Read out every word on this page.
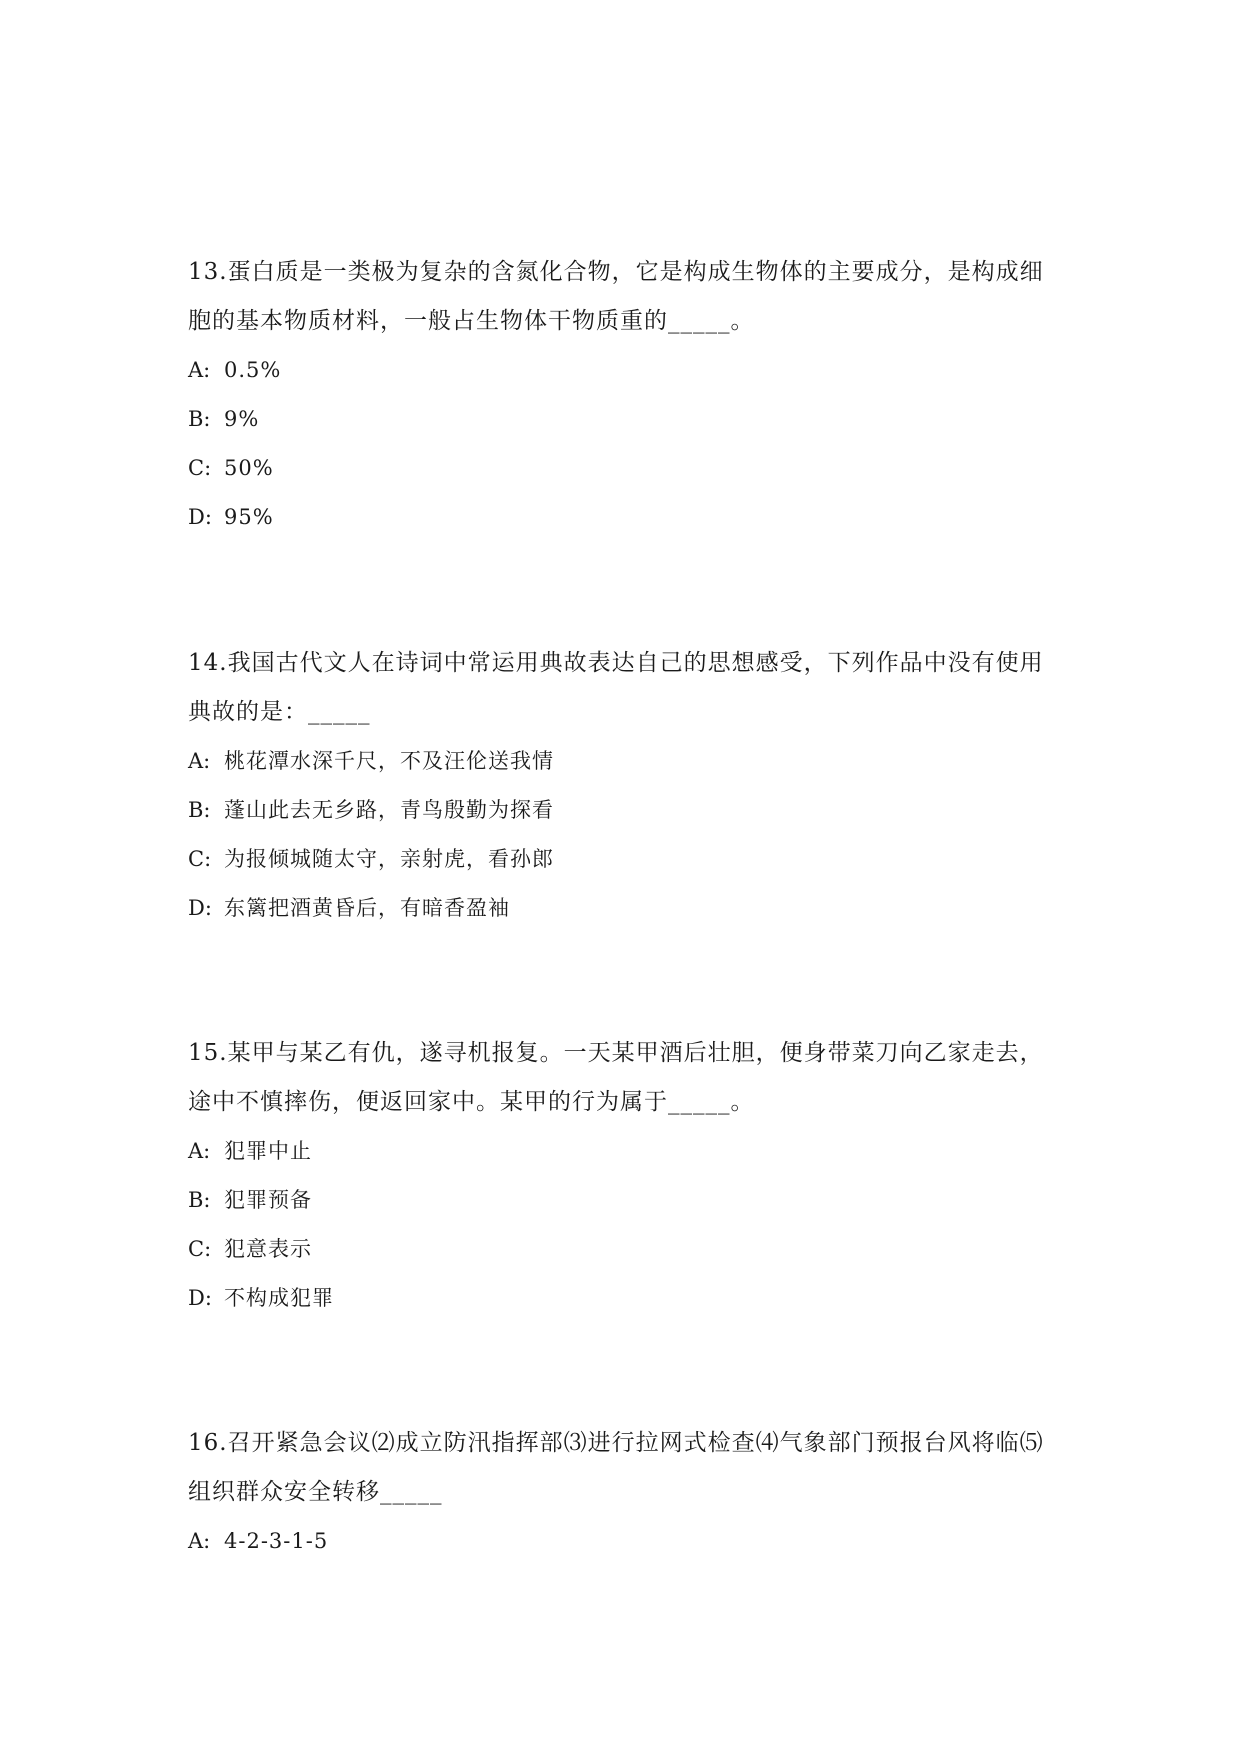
13.蛋白质是一类极为复杂的含氮化合物，它是构成生物体的主要成分，是构成细胞的基本物质材料，一般占生物体干物质重的_____。

A: 0.5%
B: 9%
C: 50%
D: 95%

14.我国古代文人在诗词中常运用典故表达自己的思想感受，下列作品中没有使用典故的是：_____

A: 桃花潭水深千尺，不及汪伦送我情
B: 蓬山此去无乡路，青鸟殷勤为探看
C: 为报倾城随太守，亲射虎，看孙郎
D: 东篱把酒黄昏后，有暗香盈袖

15.某甲与某乙有仇，遂寻机报复。一天某甲酒后壮胆，便身带菜刀向乙家走去，途中不慎摔伤，便返回家中。某甲的行为属于_____。

A: 犯罪中止
B: 犯罪预备
C: 犯意表示
D: 不构成犯罪

16.召开紧急会议⑵成立防汛指挥部⑶进行拉网式检查⑷气象部门预报台风将临⑸组织群众安全转移_____

A: 4-2-3-1-5
